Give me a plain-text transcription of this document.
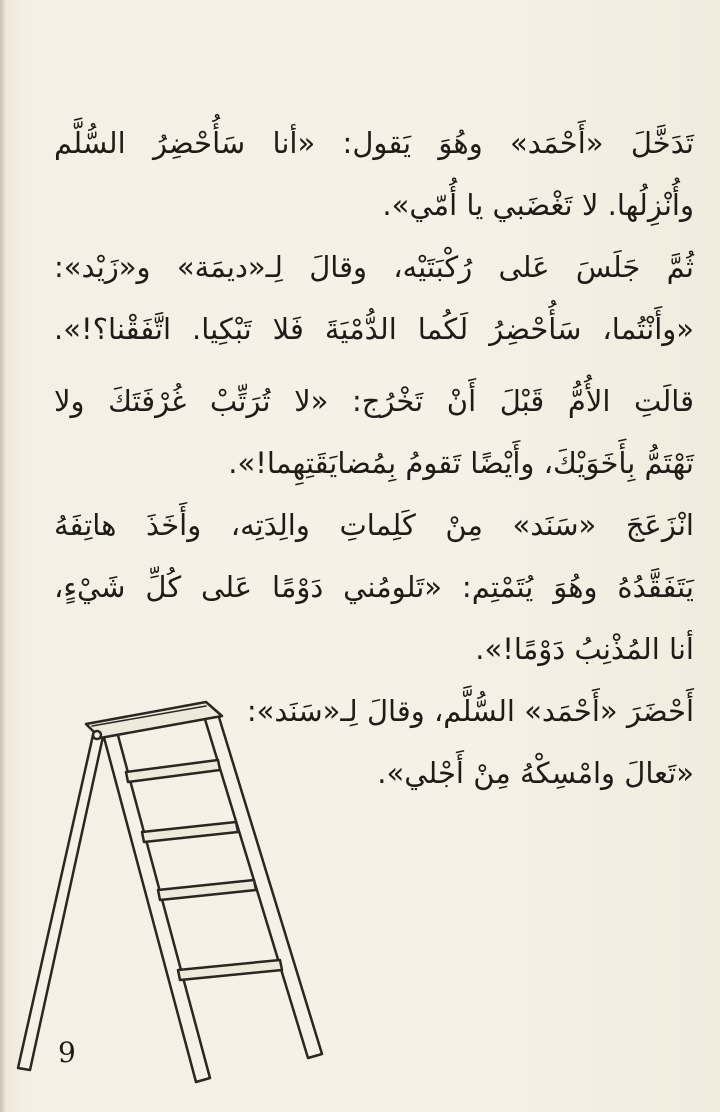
تَدَخَّلَ «أَحْمَد» وهُوَ يَقول: «أنا سَأُحْضِرُ السُّلَّم
وأُنْزِلُها. لا تَغْضَبي يا أُمّي».
ثُمَّ جَلَسَ عَلى رُكْبَتَيْه، وقالَ لِـ«ديمَة» و«زَيْد»:
«وأَنْتُما، سَأُحْضِرُ لَكُما الدُّمْيَةَ فَلا تَبْكِيا. اتَّفَقْنا؟!».
قالَتِ الأُمُّ قَبْلَ أَنْ تَخْرُج: «لا تُرَتِّبْ غُرْفَتَكَ ولا
تَهْتَمُّ بِأَخَوَيْكَ، وأَيْضًا تَقومُ بِمُضايَقَتِهِما!».
انْزَعَجَ «سَنَد» مِنْ كَلِماتِ والِدَتِه، وأَخَذَ هاتِفَهُ
يَتَفَقَّدُهُ وهُوَ يُتَمْتِم: «تَلومُني دَوْمًا عَلى كُلِّ شَيْءٍ،
أنا المُذْنِبُ دَوْمًا!».
أَحْضَرَ «أَحْمَد» السُّلَّم، وقالَ لِـ«سَنَد»:
«تَعالَ وامْسِكْهُ مِنْ أَجْلي».
9
